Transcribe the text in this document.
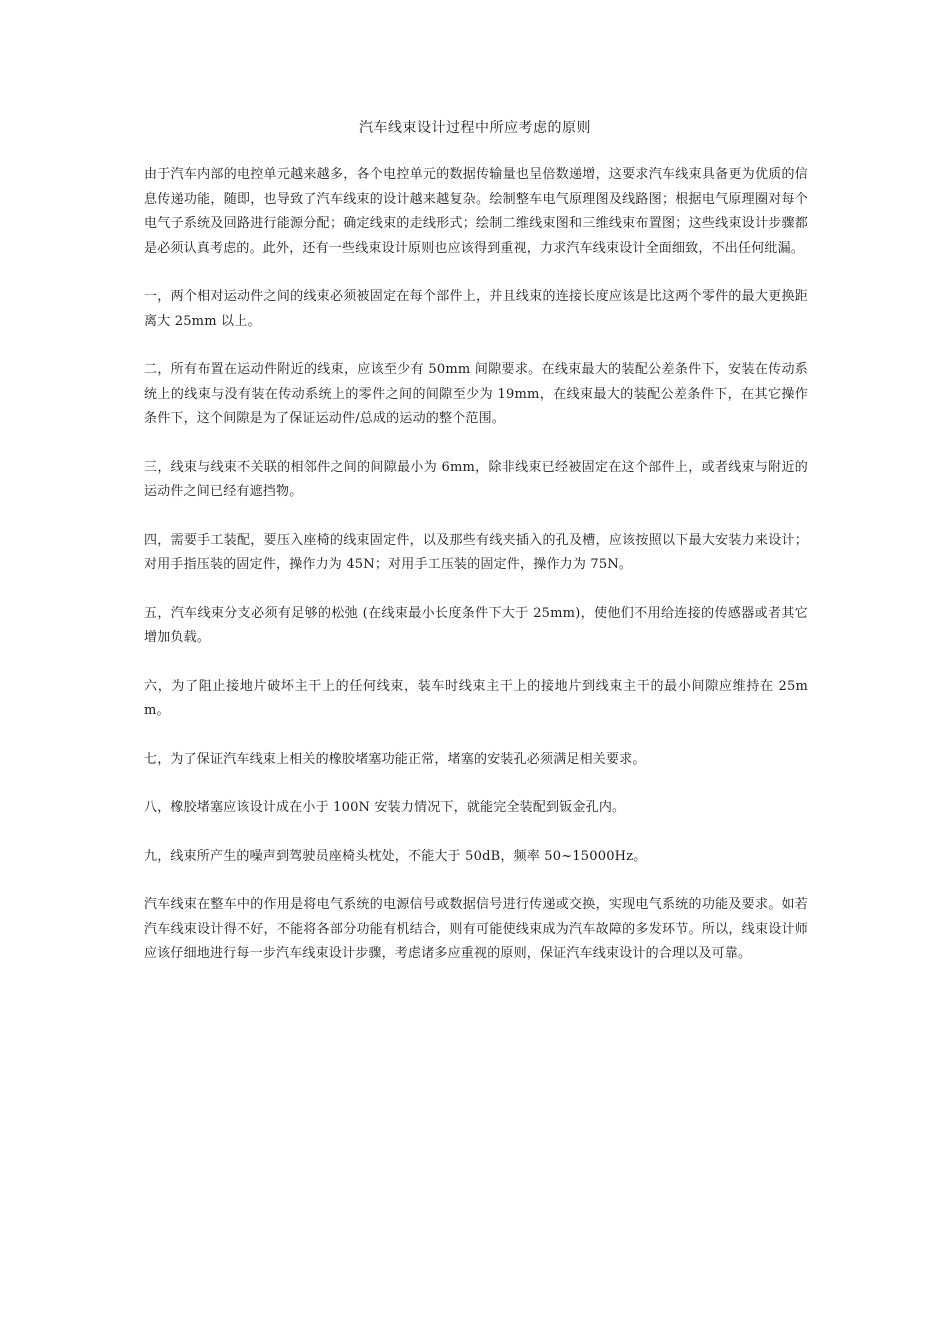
汽车线束设计过程中所应考虑的原则

由于汽车内部的电控单元越来越多，各个电控单元的数据传输量也呈倍数递增，这要求汽车线束具备更为优质的信息传递功能，随即，也导致了汽车线束的设计越来越复杂。绘制整车电气原理图及线路图；根据电气原理圈对每个电气子系统及回路进行能源分配；确定线束的走线形式；绘制二维线束图和三维线束布置图；这些线束设计步骤都是必须认真考虑的。此外，还有一些线束设计原则也应该得到重视，力求汽车线束设计全面细致，不出任何纰漏。

一，两个相对运动件之间的线束必须被固定在每个部件上，并且线束的连接长度应该是比这两个零件的最大更换距离大 25mm 以上。

二，所有布置在运动件附近的线束，应该至少有 50mm 间隙要求。在线束最大的装配公差条件下，安装在传动系统上的线束与没有装在传动系统上的零件之间的间隙至少为 19mm，在线束最大的装配公差条件下，在其它操作条件下，这个间隙是为了保证运动件/总成的运动的整个范围。

三，线束与线束不关联的相邻件之间的间隙最小为 6mm，除非线束已经被固定在这个部件上，或者线束与附近的运动件之间已经有遮挡物。

四，需要手工装配，要压入座椅的线束固定件，以及那些有线夹插入的孔及槽，应该按照以下最大安装力来设计；对用手指压装的固定件，操作力为 45N；对用手工压装的固定件，操作力为 75N。

五，汽车线束分支必须有足够的松弛 (在线束最小长度条件下大于 25mm)，使他们不用给连接的传感器或者其它增加负载。

六，为了阻止接地片破坏主干上的任何线束，装车时线束主干上的接地片到线束主干的最小间隙应维持在 25mm。

七，为了保证汽车线束上相关的橡胶堵塞功能正常，堵塞的安装孔必须满足相关要求。

八，橡胶堵塞应该设计成在小于 100N 安装力情况下，就能完全装配到钣金孔内。

九，线束所产生的噪声到驾驶员座椅头枕处，不能大于 50dB，频率 50~15000Hz。

汽车线束在整车中的作用是将电气系统的电源信号或数据信号进行传递或交换，实现电气系统的功能及要求。如若汽车线束设计得不好，不能将各部分功能有机结合，则有可能使线束成为汽车故障的多发环节。所以，线束设计师应该仔细地进行每一步汽车线束设计步骤，考虑诸多应重视的原则，保证汽车线束设计的合理以及可靠。
